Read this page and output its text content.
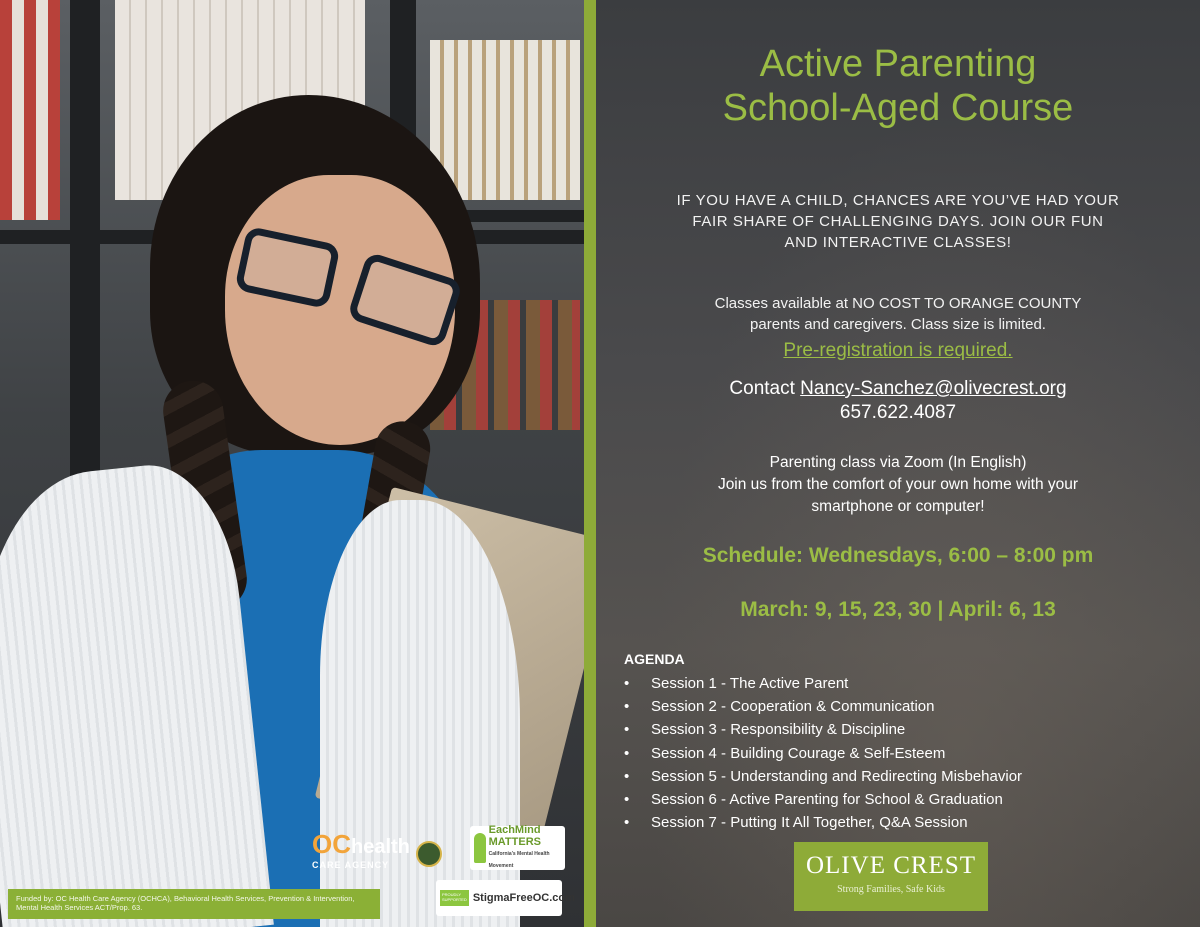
OChealth
CARE AGENCY
EachMind
MATTERS
California's Mental Health Movement
PROUDLY SUPPORTED StigmaFreeOC.com
Funded by: OC Health Care Agency (OCHCA), Behavioral Health Services, Prevention & Intervention, Mental Health Services ACT/Prop. 63.
Active Parenting
School-Aged Course
IF YOU HAVE A CHILD, CHANCES ARE YOU’VE HAD YOUR
FAIR SHARE OF CHALLENGING DAYS. JOIN OUR FUN
AND INTERACTIVE CLASSES!
Classes available at NO COST TO ORANGE COUNTY
parents and caregivers. Class size is limited.
Pre-registration is required.
Contact Nancy-Sanchez@olivecrest.org
657.622.4087
Parenting class via Zoom (In English)
Join us from the comfort of your own home with your
smartphone or computer!
Schedule: Wednesdays, 6:00 – 8:00 pm
March: 9, 15, 23, 30 | April: 6, 13
AGENDA
•	Session 1 - The Active Parent
•	Session 2 - Cooperation & Communication
•	Session 3 - Responsibility & Discipline
•	Session 4 - Building Courage & Self-Esteem
•	Session 5 - Understanding and Redirecting Misbehavior
•	Session 6 - Active Parenting for School & Graduation
•	Session 7 - Putting It All Together, Q&A Session
OLIVE CREST
Strong Families, Safe Kids
